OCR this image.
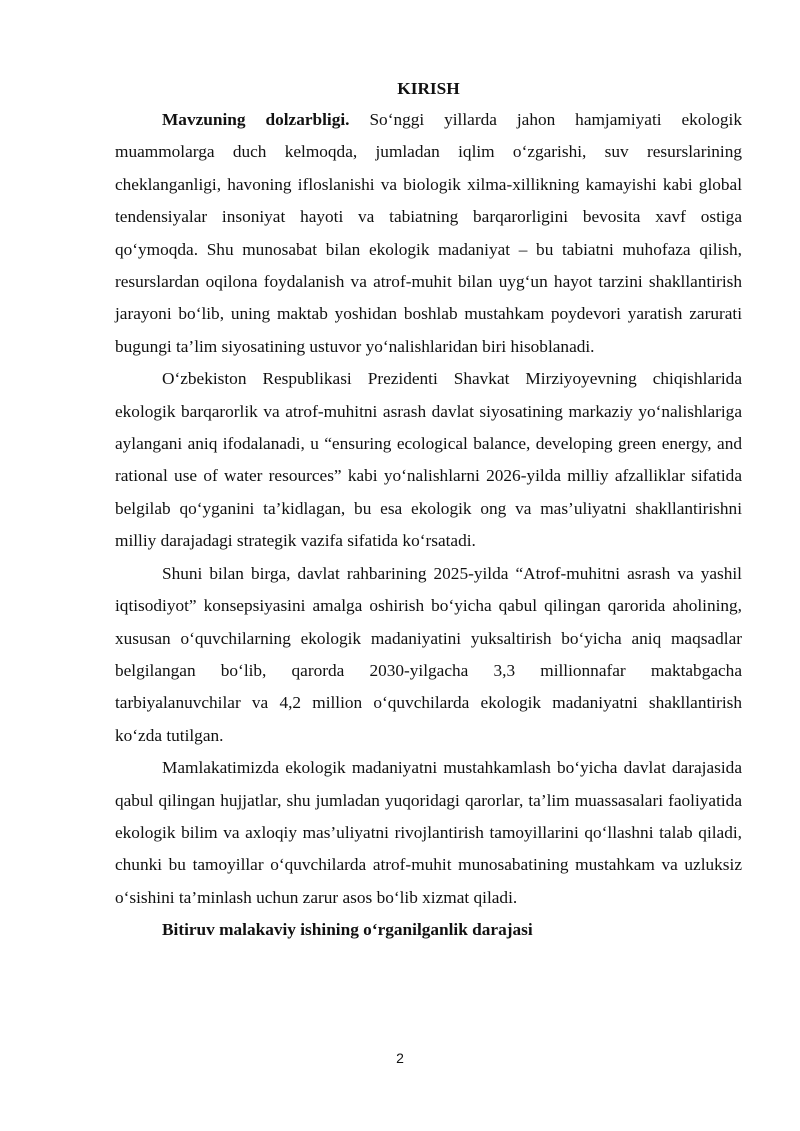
KIRISH

Mavzuning dolzarbligi. So‘nggi yillarda jahon hamjamiyati ekologik muammolarga duch kelmoqda, jumladan iqlim o‘zgarishi, suv resurslarining cheklanganligi, havoning ifloslanishi va biologik xilma-xillikning kamayishi kabi global tendensiyalar insoniyat hayoti va tabiatning barqarorligini bevosita xavf ostiga qo‘ymoqda. Shu munosabat bilan ekologik madaniyat – bu tabiatni muhofaza qilish, resurslardan oqilona foydalanish va atrof-muhit bilan uyg‘un hayot tarzini shakllantirish jarayoni bo‘lib, uning maktab yoshidan boshlab mustahkam poydevori yaratish zarurati bugungi ta’lim siyosatining ustuvor yo‘nalishlaridan biri hisoblanadi.

O‘zbekiston Respublikasi Prezidenti Shavkat Mirziyoyevning chiqishlarida ekologik barqarorlik va atrof-muhitni asrash davlat siyosatining markaziy yo‘nalishlariga aylangani aniq ifodalanadi, u “ensuring ecological balance, developing green energy, and rational use of water resources” kabi yo‘nalishlarni 2026-yilda milliy afzalliklar sifatida belgilab qo‘yganini ta’kidlagan, bu esa ekologik ong va mas’uliyatni shakllantirishni milliy darajadagi strategik vazifa sifatida ko‘rsatadi.

Shuni bilan birga, davlat rahbarining 2025-yilda “Atrof-muhitni asrash va yashil iqtisodiyot” konsepsiyasini amalga oshirish bo‘yicha qabul qilingan qarorida aholining, xususan o‘quvchilarning ekologik madaniyatini yuksaltirish bo‘yicha aniq maqsadlar belgilangan bo‘lib, qarorda 2030-yilgacha 3,3 millionnafar maktabgacha tarbiyalanuvchilar va 4,2 million o‘quvchilarda ekologik madaniyatni shakllantirish ko‘zda tutilgan.

Mamlakatimizda ekologik madaniyatni mustahkamlash bo‘yicha davlat darajasida qabul qilingan hujjatlar, shu jumladan yuqoridagi qarorlar, ta’lim muassasalari faoliyatida ekologik bilim va axloqiy mas’uliyatni rivojlantirish tamoyillarini qo‘llashni talab qiladi, chunki bu tamoyillar o‘quvchilarda atrof-muhit munosabatining mustahkam va uzluksiz o‘sishini ta’minlash uchun zarur asos bo‘lib xizmat qiladi.

Bitiruv malakaviy ishining o‘rganilganlik darajasi

2
